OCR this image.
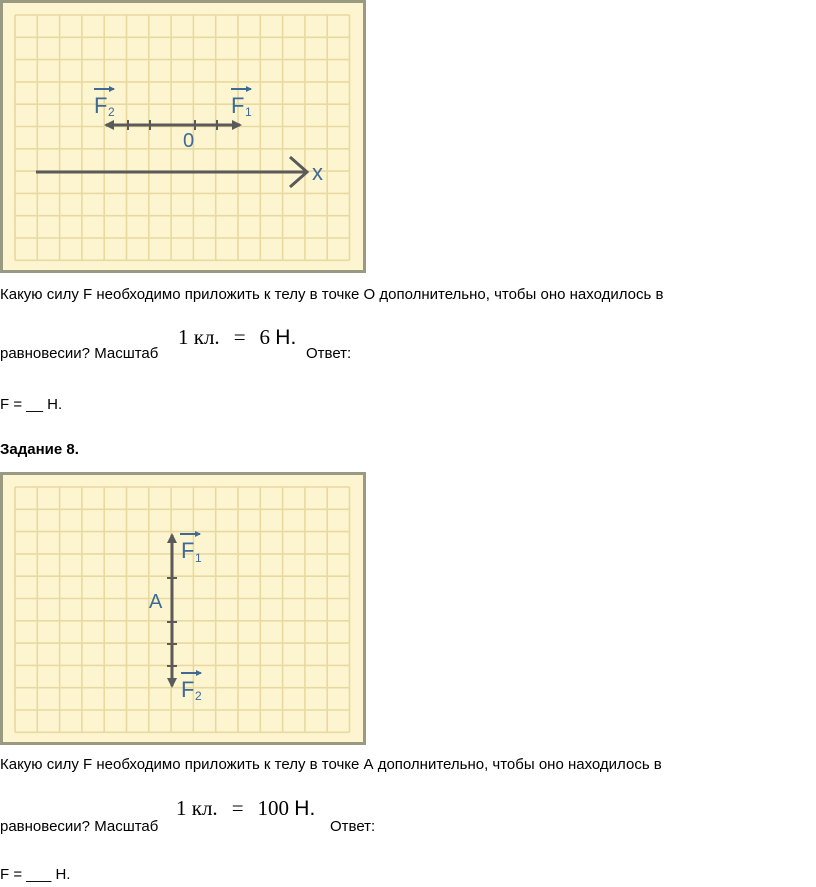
x
F 2	F 1
0
Какую силу F необходимо приложить к телу в точке О дополнительно, чтобы оно находилось в
равновесии? Масштаб
1 кл. = 6 Н.
Ответ:
F = __ Н.
Задание 8.
F 1
A
F 2
Какую силу F необходимо приложить к телу в точке А дополнительно, чтобы оно находилось в
равновесии? Масштаб
1 кл. = 100 Н.
Ответ:
F = ___ Н.
